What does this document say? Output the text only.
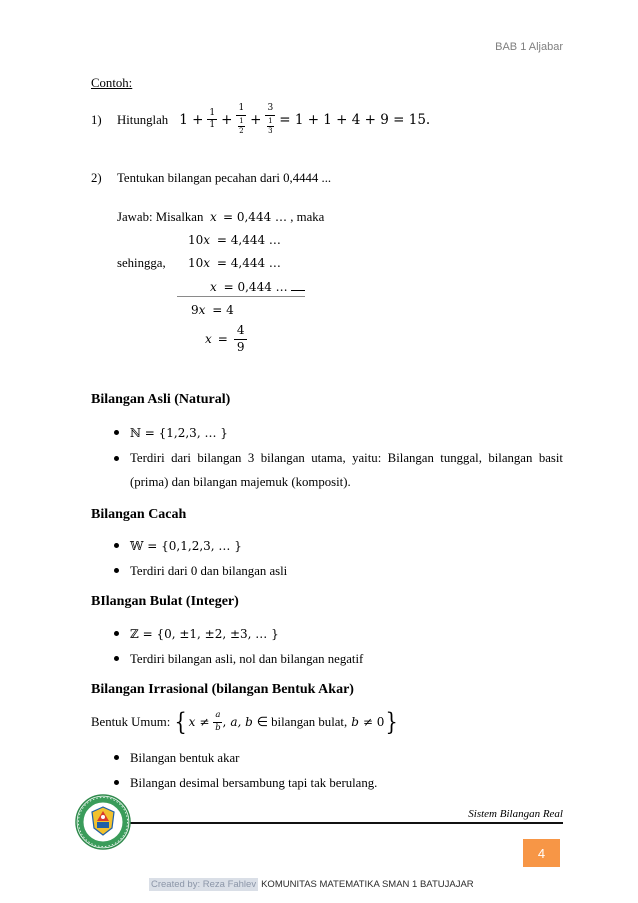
BAB 1 Aljabar
Contoh:
1)	Hitunglah $1 + \frac{1}{1} + \frac{1}{\frac{1}{2}} + \frac{3}{\frac{1}{3}} = 1 + 1 + 4 + 9 = 15$.
2) Tentukan bilangan pecahan dari 0,4444 ...
Jawab: Misalkan x = 0,444 … , maka
10x = 4,444 …
sehingga, 10x = 4,444 …
x = 0,444 …
9x = 4
$x = \frac{4}{9}$
Bilangan Asli (Natural)
ℕ = {1,2,3, … }
Terdiri dari bilangan 3 bilangan utama, yaitu: Bilangan tunggal, bilangan basit (prima) dan bilangan majemuk (komposit).
Bilangan Cacah
𝕎 = {0,1,2,3, … }
Terdiri dari 0 dan bilangan asli
BIlangan Bulat (Integer)
ℤ = {0, ±1, ±2, ±3, … }
Terdiri bilangan asli, nol dan bilangan negatif
Bilangan Irrasional (bilangan Bentuk Akar)
Bentuk Umum: { $x \ne \frac{a}{b}$ , a, b ∈ bilangan bulat, b ≠ 0 }
Bilangan bentuk akar
Bilangan desimal bersambung tapi tak berulang.
Sistem Bilangan Real
4
Created by: Reza Fahlev KOMUNITAS MATEMATIKA SMAN 1 BATUJAJAR
